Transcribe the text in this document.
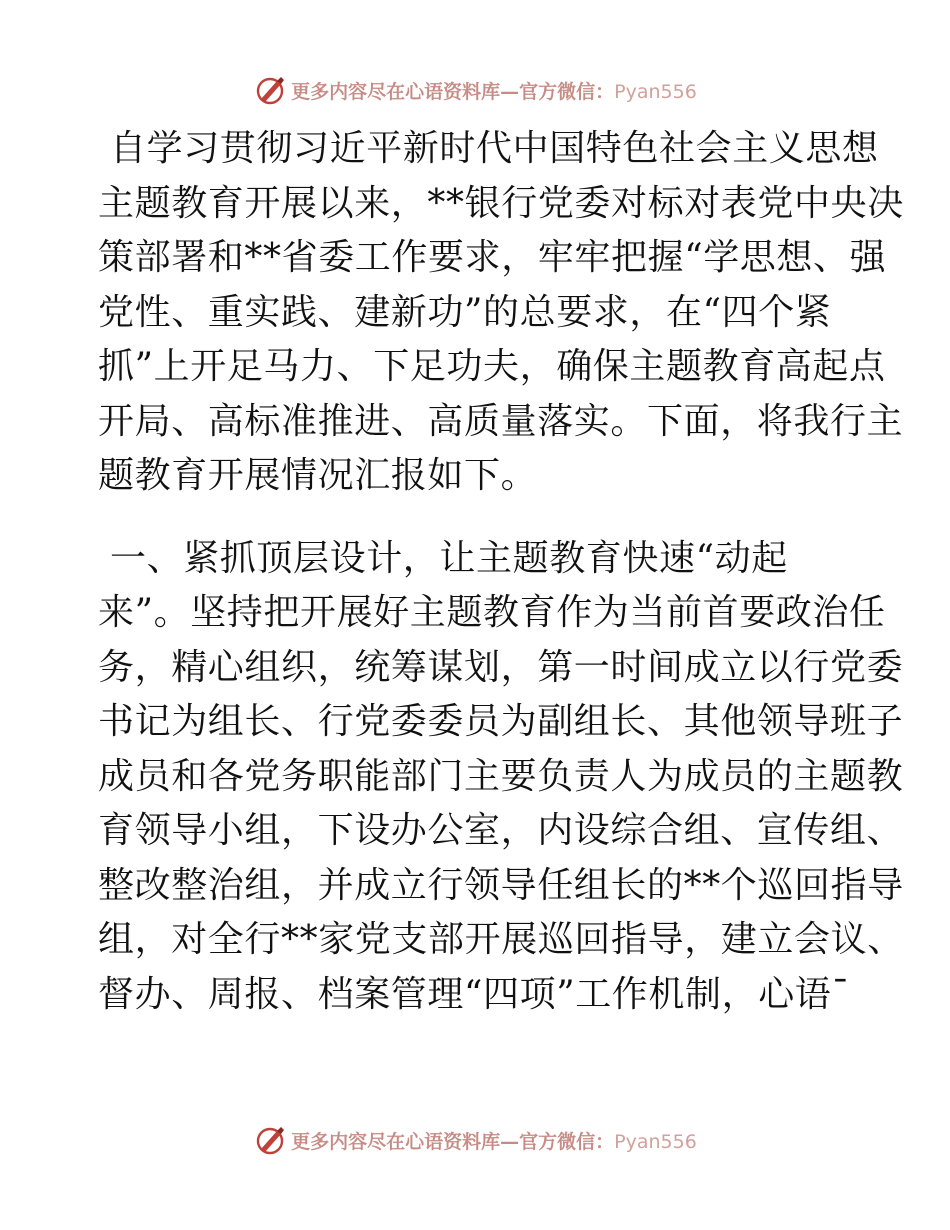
更多内容尽在心语资料库—官方微信：Pyan556
自学习贯彻习近平新时代中国特色社会主义思想
主题教育开展以来，**银行党委对标对表党中央决
策部署和**省委工作要求，牢牢把握“学思想、强
党性、重实践、建新功”的总要求，在“四个紧
抓”上开足马力、下足功夫，确保主题教育高起点
开局、高标准推进、高质量落实。下面，将我行主
题教育开展情况汇报如下。
一、紧抓顶层设计，让主题教育快速“动起
来”。坚持把开展好主题教育作为当前首要政治任
务，精心组织，统筹谋划，第一时间成立以行党委
书记为组长、行党委委员为副组长、其他领导班子
成员和各党务职能部门主要负责人为成员的主题教
育领导小组，下设办公室，内设综合组、宣传组、
整改整治组，并成立行领导任组长的**个巡回指导
组，对全行**家党支部开展巡回指导，建立会议、
督办、周报、档案管理“四项”工作机制，心语¯
更多内容尽在心语资料库—官方微信：Pyan556
